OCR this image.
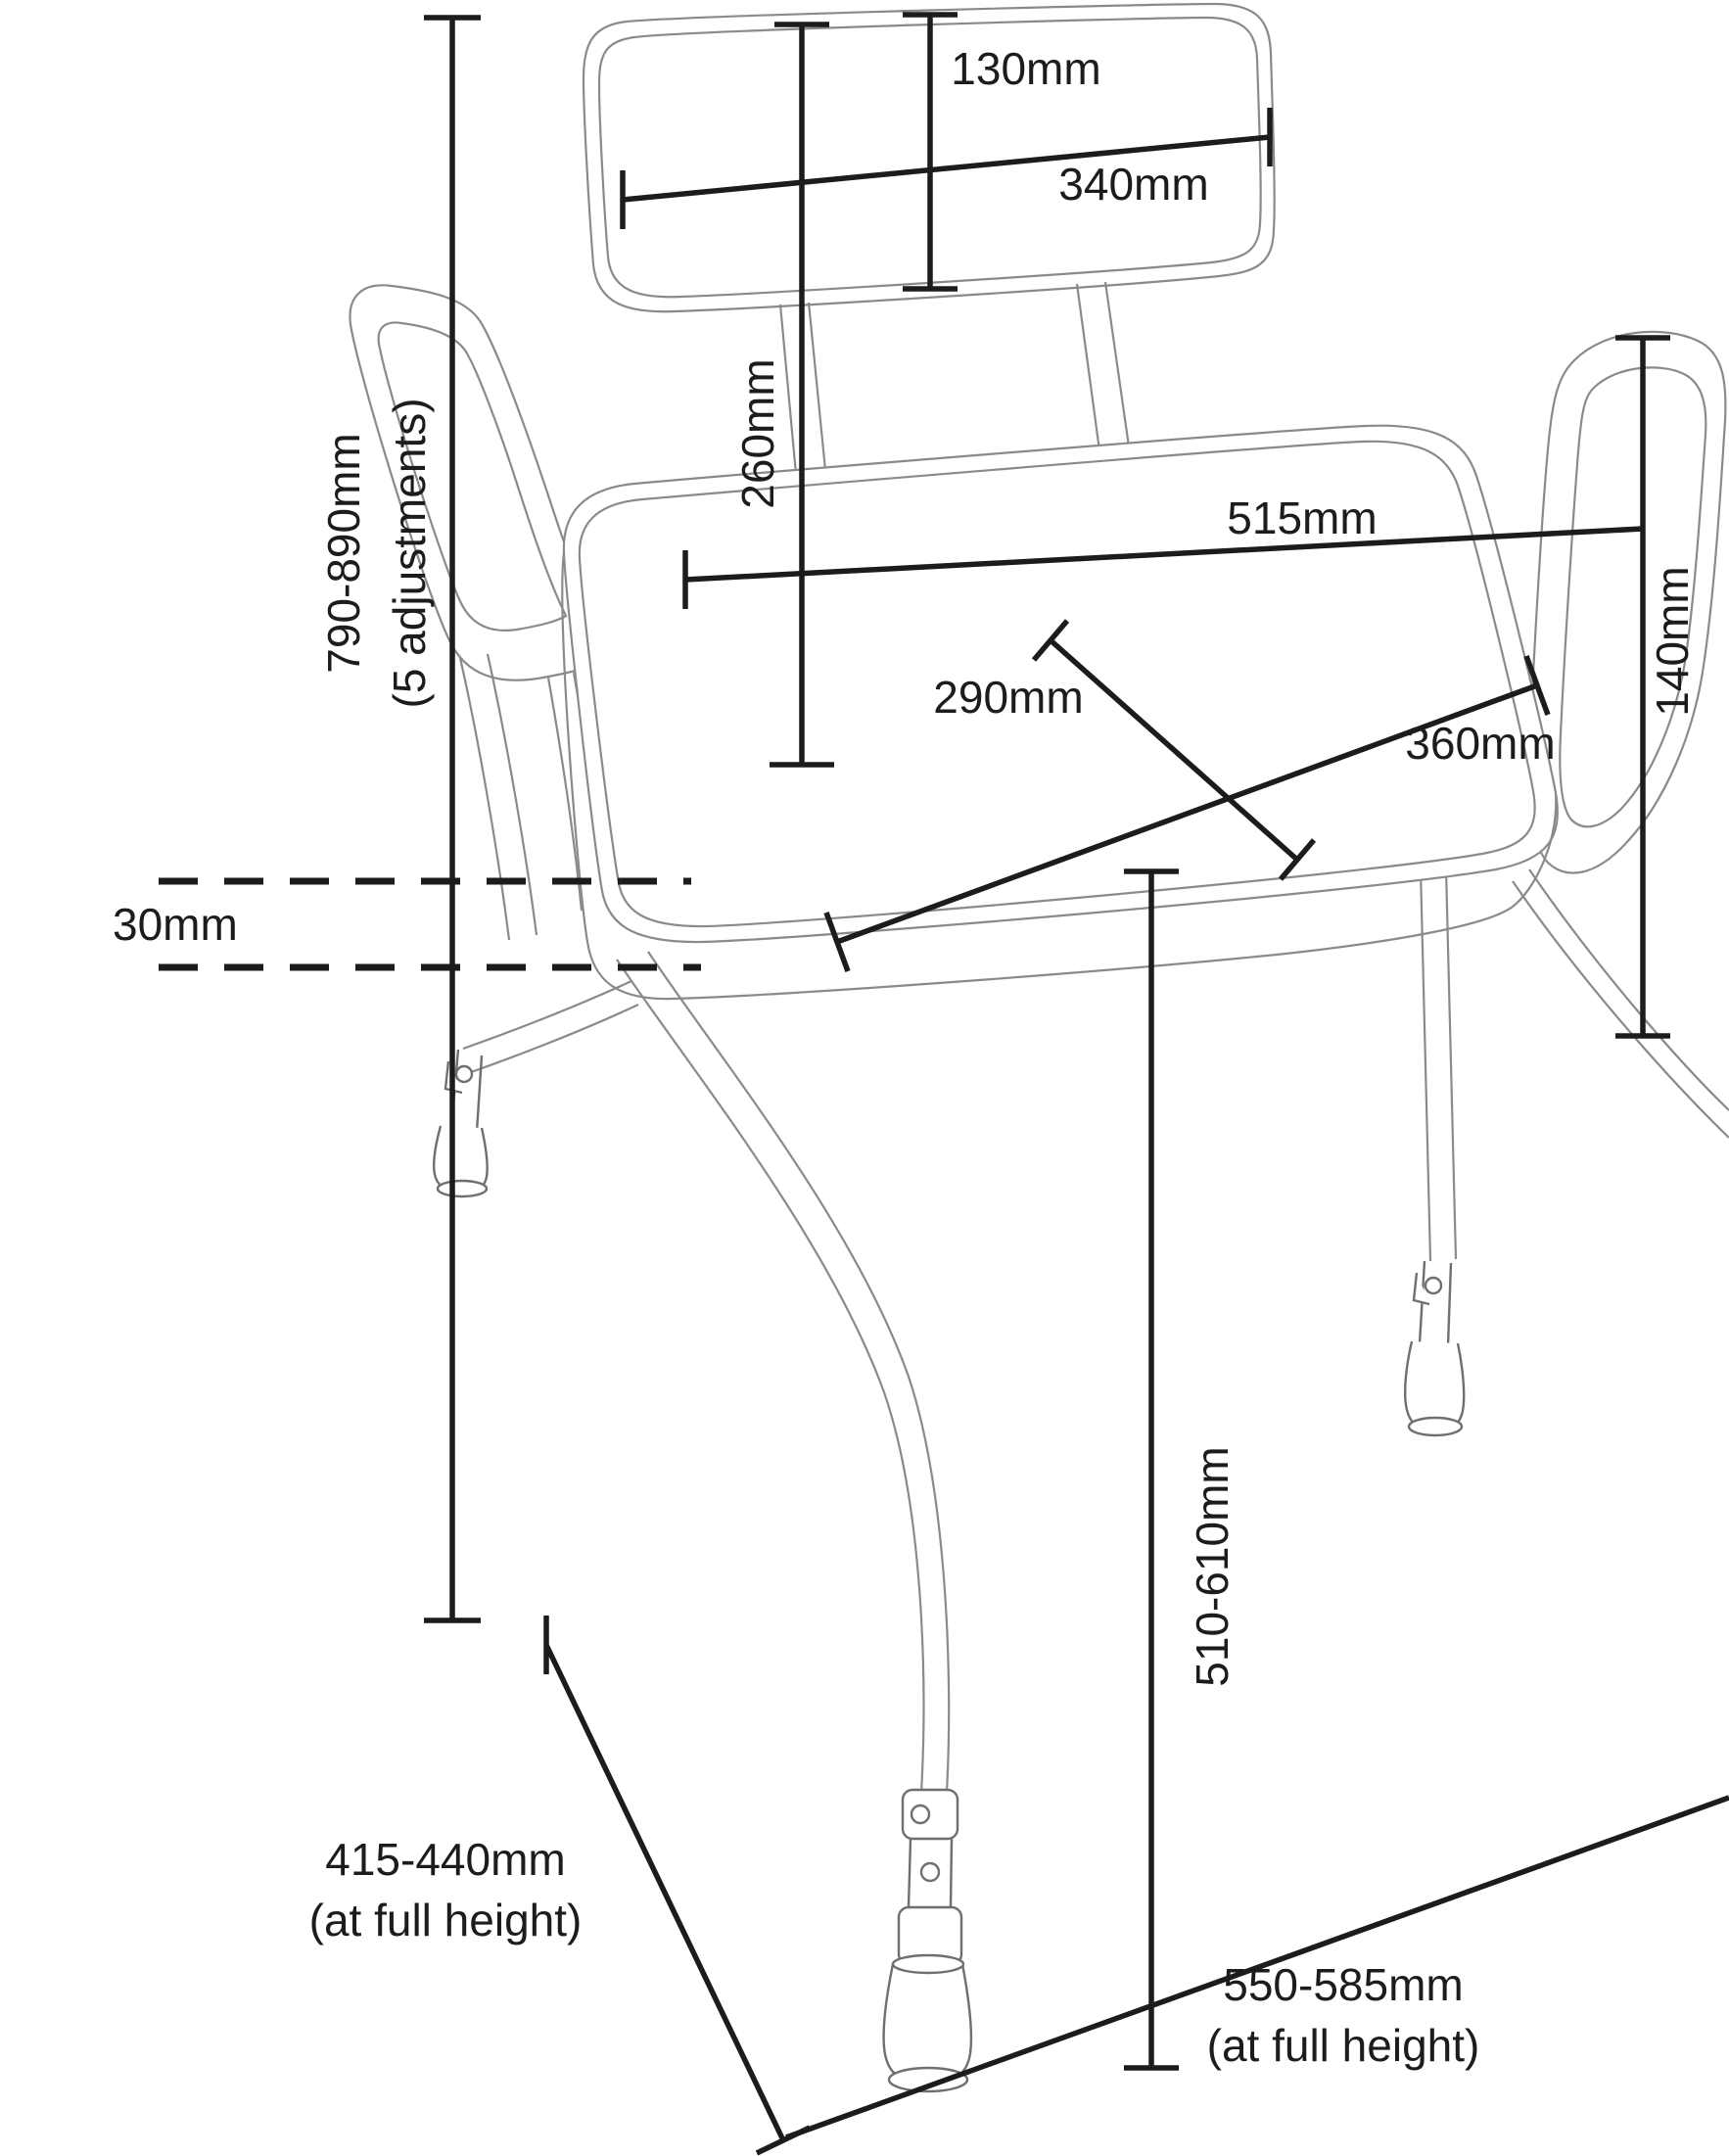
790-890mm (5 adjustments)
130mm
340mm
260mm
515mm
140mm
290mm
360mm
30mm
510-610mm
415-440mm
(at full height)
550-585mm
(at full height)
